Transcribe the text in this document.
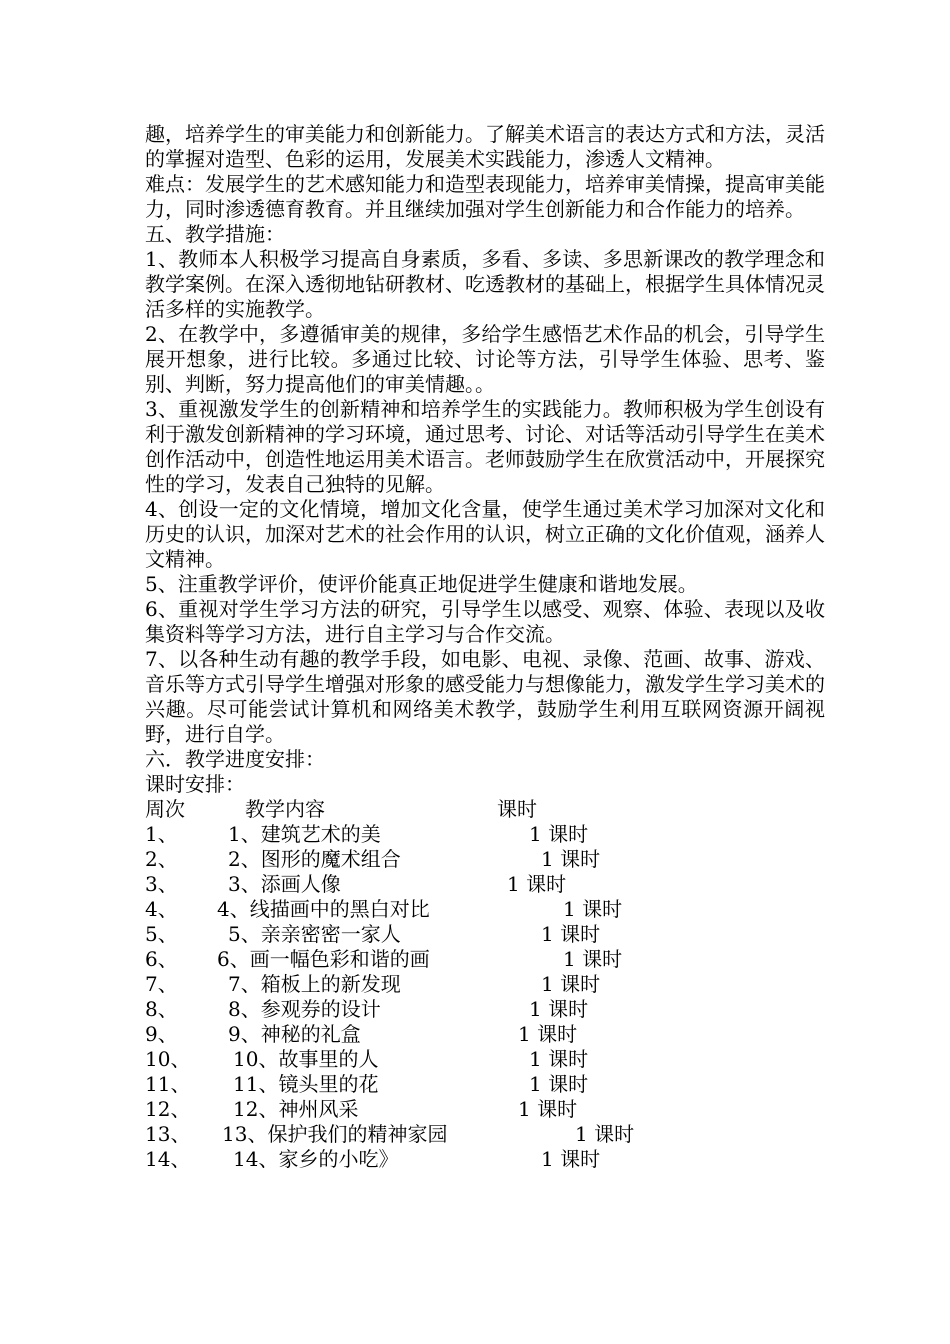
趣，培养学生的审美能力和创新能力。了解美术语言的表达方式和方法，灵活的掌握对造型、色彩的运用，发展美术实践能力，渗透人文精神。

难点：发展学生的艺术感知能力和造型表现能力，培养审美情操，提高审美能力，同时渗透德育教育。并且继续加强对学生创新能力和合作能力的培养。

五、教学措施：

1、教师本人积极学习提高自身素质，多看、多读、多思新课改的教学理念和教学案例。在深入透彻地钻研教材、吃透教材的基础上，根据学生具体情况灵活多样的实施教学。

2、在教学中，多遵循审美的规律，多给学生感悟艺术作品的机会，引导学生展开想象，进行比较。多通过比较、讨论等方法，引导学生体验、思考、鉴别、判断，努力提高他们的审美情趣。。

3、重视激发学生的创新精神和培养学生的实践能力。教师积极为学生创设有利于激发创新精神的学习环境，通过思考、讨论、对话等活动引导学生在美术创作活动中，创造性地运用美术语言。老师鼓励学生在欣赏活动中，开展探究性的学习，发表自己独特的见解。

4、创设一定的文化情境，增加文化含量，使学生通过美术学习加深对文化和历史的认识，加深对艺术的社会作用的认识，树立正确的文化价值观，涵养人文精神。

5、注重教学评价，使评价能真正地促进学生健康和谐地发展。

6、重视对学生学习方法的研究，引导学生以感受、观察、体验、表现以及收集资料等学习方法，进行自主学习与合作交流。

7、以各种生动有趣的教学手段，如电影、电视、录像、范画、故事、游戏、音乐等方式引导学生增强对形象的感受能力与想像能力，激发学生学习美术的兴趣。尽可能尝试计算机和网络美术教学，鼓励学生利用互联网资源开阔视野，进行自学。

六．教学进度安排：

课时安排：

周次	教学内容	课时
1、	1、建筑艺术的美	1 课时
2、	2、图形的魔术组合	1 课时
3、	3、添画人像	1 课时
4、 4、线描画中的黑白对比	1 课时
5、	5、亲亲密密一家人	1 课时
6、 6、画一幅色彩和谐的画	1 课时
7、	7、箱板上的新发现	1 课时
8、	8、参观券的设计	1 课时
9、	9、神秘的礼盒	1 课时
10、 10、故事里的人	1 课时
11、 11、镜头里的花	1 课时
12、 12、神州风采	1 课时
13、 13、保护我们的精神家园	1 课时
14、 14、家乡的小吃》	1 课时
